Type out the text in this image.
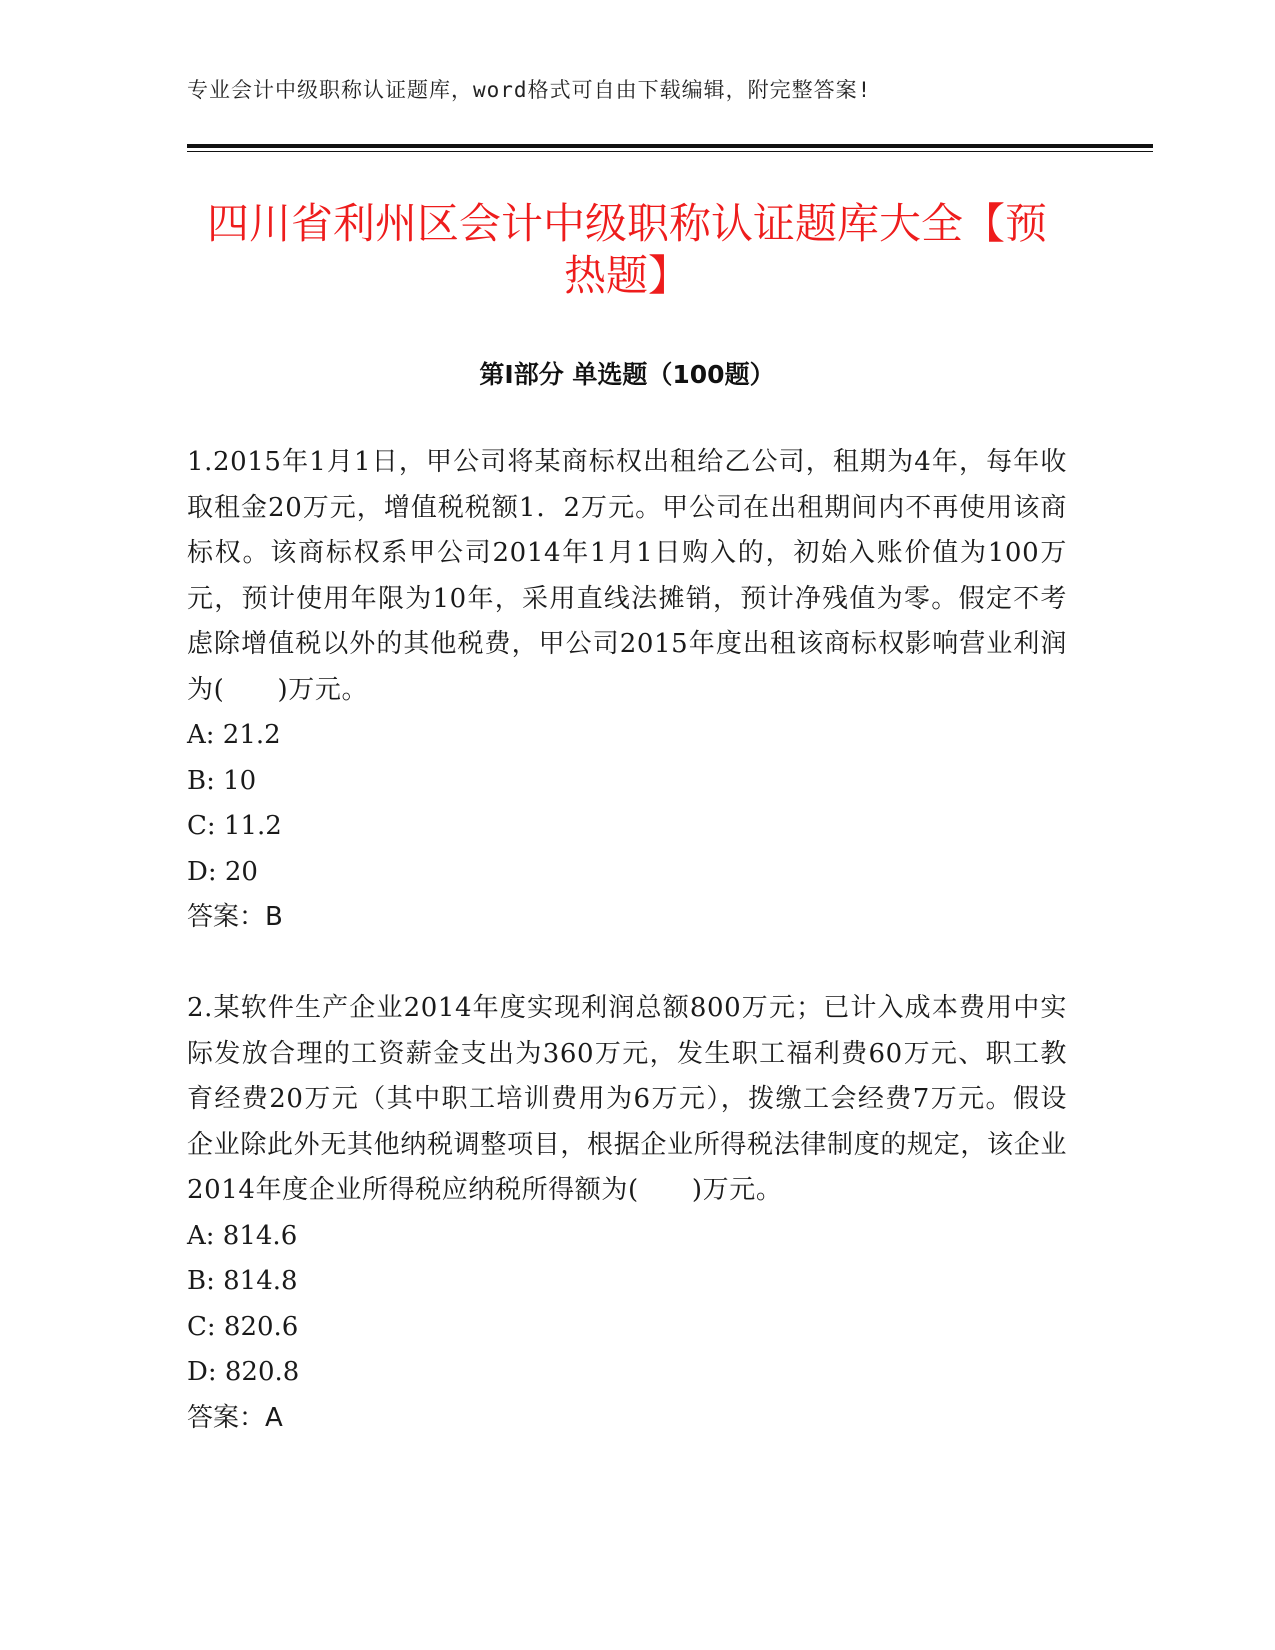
专业会计中级职称认证题库，word格式可自由下载编辑，附完整答案!
四川省利州区会计中级职称认证题库大全【预热题】
第I部分 单选题（100题）

1.2015年1月1日，甲公司将某商标权出租给乙公司，租期为4年，每年收取租金20万元，增值税税额1．2万元。甲公司在出租期间内不再使用该商标权。该商标权系甲公司2014年1月1日购入的，初始入账价值为100万元，预计使用年限为10年，采用直线法摊销，预计净残值为零。假定不考虑除增值税以外的其他税费，甲公司2015年度出租该商标权影响营业利润为(　　)万元。

A: 21.2

B: 10

C: 11.2

D: 20

答案：B

2.某软件生产企业2014年度实现利润总额800万元；已计入成本费用中实际发放合理的工资薪金支出为360万元，发生职工福利费60万元、职工教育经费20万元（其中职工培训费用为6万元），拨缴工会经费7万元。假设企业除此外无其他纳税调整项目，根据企业所得税法律制度的规定，该企业2014年度企业所得税应纳税所得额为(　　)万元。

A: 814.6

B: 814.8

C: 820.6

D: 820.8

答案：A
